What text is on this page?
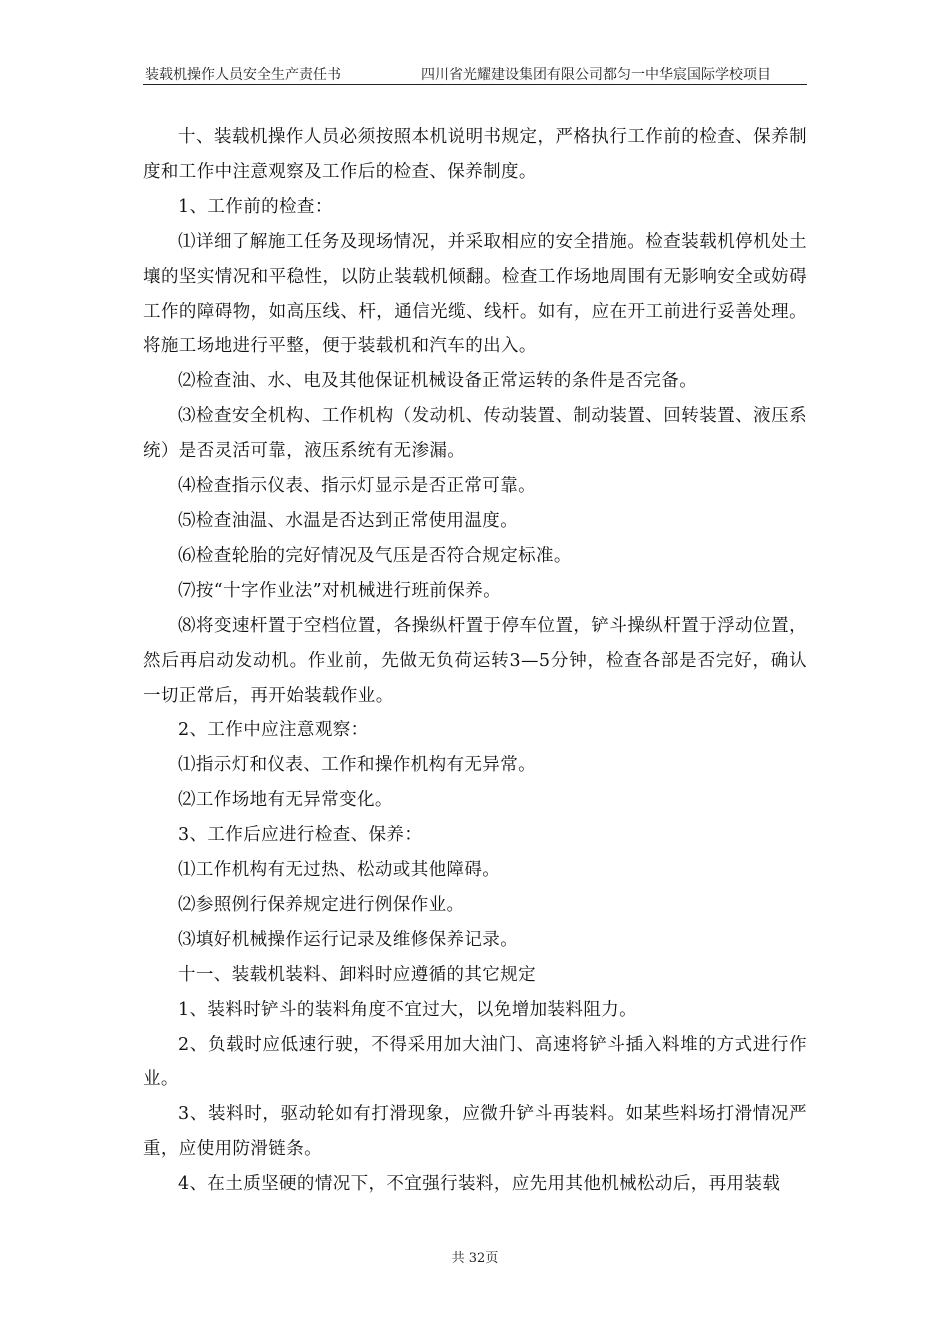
装载机操作人员安全生产责任书	四川省光耀建设集团有限公司都匀一中华宸国际学校项目

十、装载机操作人员必须按照本机说明书规定，严格执行工作前的检查、保养制度和工作中注意观察及工作后的检查、保养制度。

1、工作前的检查：

⑴详细了解施工任务及现场情况，并采取相应的安全措施。检查装载机停机处土壤的坚实情况和平稳性，以防止装载机倾翻。检查工作场地周围有无影响安全或妨碍工作的障碍物，如高压线、杆，通信光缆、线杆。如有，应在开工前进行妥善处理。将施工场地进行平整，便于装载机和汽车的出入。

⑵检查油、水、电及其他保证机械设备正常运转的条件是否完备。

⑶检查安全机构、工作机构（发动机、传动装置、制动装置、回转装置、液压系统）是否灵活可靠，液压系统有无渗漏。

⑷检查指示仪表、指示灯显示是否正常可靠。

⑸检查油温、水温是否达到正常使用温度。

⑹检查轮胎的完好情况及气压是否符合规定标准。

⑺按“十字作业法”对机械进行班前保养。

⑻将变速杆置于空档位置，各操纵杆置于停车位置，铲斗操纵杆置于浮动位置，然后再启动发动机。作业前，先做无负荷运转3—5分钟，检查各部是否完好，确认一切正常后，再开始装载作业。

2、工作中应注意观察：

⑴指示灯和仪表、工作和操作机构有无异常。

⑵工作场地有无异常变化。

3、工作后应进行检查、保养：

⑴工作机构有无过热、松动或其他障碍。

⑵参照例行保养规定进行例保作业。

⑶填好机械操作运行记录及维修保养记录。

十一、装载机装料、卸料时应遵循的其它规定

1、装料时铲斗的装料角度不宜过大，以免增加装料阻力。

2、负载时应低速行驶，不得采用加大油门、高速将铲斗插入料堆的方式进行作业。

3、装料时，驱动轮如有打滑现象，应微升铲斗再装料。如某些料场打滑情况严重，应使用防滑链条。

4、在土质坚硬的情况下，不宜强行装料，应先用其他机械松动后，再用装载

共 32页
